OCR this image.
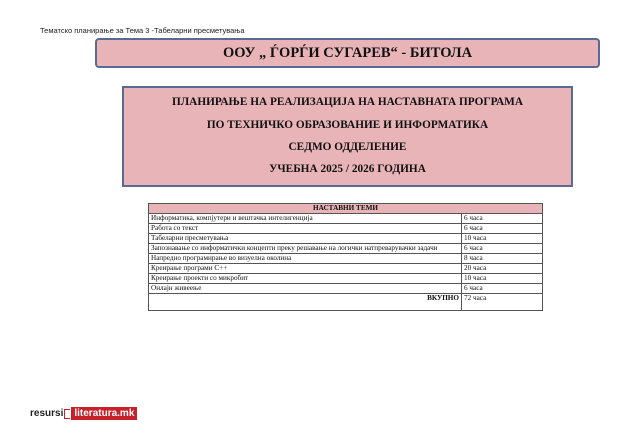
Тематско планирање за Тема 3 -Табеларни пресметувања
ООУ „ ЃОРЃИ СУГАРЕВ“ - БИТОЛА
ПЛАНИРАЊЕ НА РЕАЛИЗАЦИЈА НА НАСТАВНАТА ПРОГРАМА
ПО ТЕХНИЧКО ОБРАЗОВАНИЕ И ИНФОРМАТИКА
СЕДМО ОДДЕЛЕНИЕ
УЧЕБНА 2025 / 2026 ГОДИНА
НАСТАВНИ ТЕМИ	
Информатика, компјутери и вештачка интелигенција	6 часа
Работа со текст	6 часа
Табеларни пресметувања	10 часа
Запознавање со информатички концепти преку решавање на логички натпреварувачки задачи	6 часа
Напредно програмирање во визуелна околина	8 часа
Креирање програми C++	20 часа
Креирање проекти со микробит	10 часа
Онлајн живеење	6 часа
ВКУПНО	72 часа
resursi	literatura.mk
